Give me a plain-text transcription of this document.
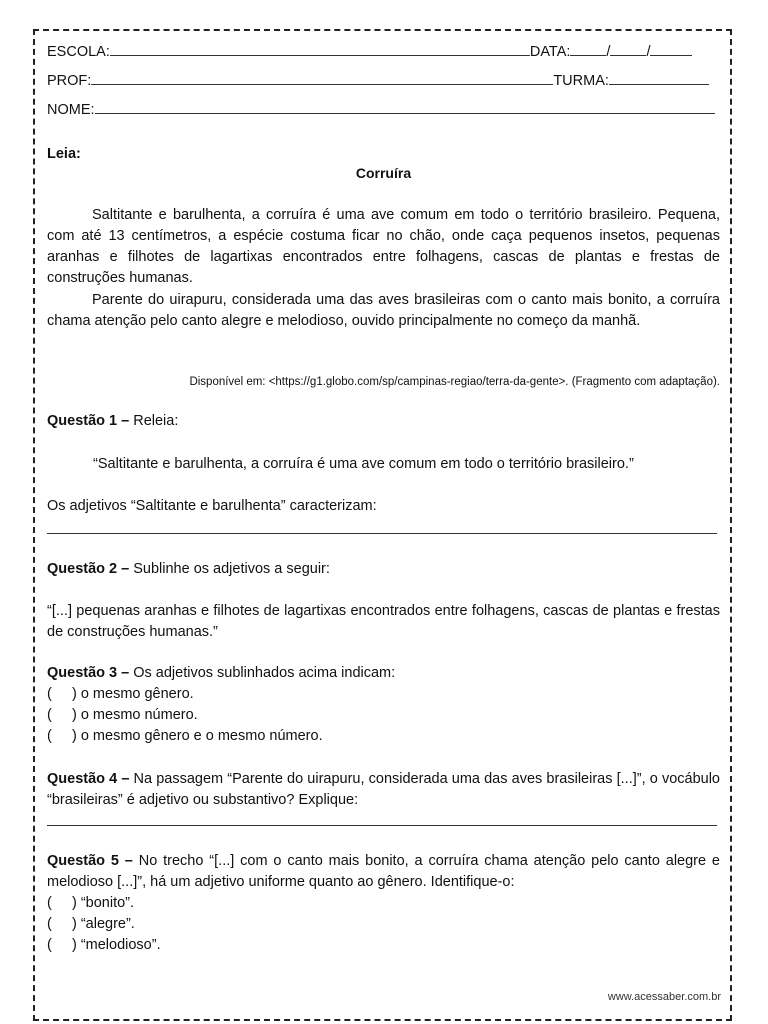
ESCOLA:	DATA: / /
PROF:	TURMA:
NOME:
Leia:
Corruíra

Saltitante e barulhenta, a corruíra é uma ave comum em todo o território brasileiro. Pequena, com até 13 centímetros, a espécie costuma ficar no chão, onde caça pequenos insetos, pequenas aranhas e filhotes de lagartixas encontrados entre folhagens, cascas de plantas e frestas de construções humanas.

Parente do uirapuru, considerada uma das aves brasileiras com o canto mais bonito, a corruíra chama atenção pelo canto alegre e melodioso, ouvido principalmente no começo da manhã.

Disponível em: <https://g1.globo.com/sp/campinas-regiao/terra-da-gente>. (Fragmento com adaptação).
Questão 1 – Releia:
“Saltitante e barulhenta, a corruíra é uma ave comum em todo o território brasileiro.”
Os adjetivos “Saltitante e barulhenta” caracterizam:
Questão 2 – Sublinhe os adjetivos a seguir:

“[...] pequenas aranhas e filhotes de lagartixas encontrados entre folhagens, cascas de plantas e frestas de construções humanas.”

Questão 3 – Os adjetivos sublinhados acima indicam:
(     ) o mesmo gênero.
(     ) o mesmo número.
(     ) o mesmo gênero e o mesmo número.

Questão 4 – Na passagem “Parente do uirapuru, considerada uma das aves brasileiras [...]”, o vocábulo “brasileiras” é adjetivo ou substantivo? Explique:

Questão 5 – No trecho “[...] com o canto mais bonito, a corruíra chama atenção pelo canto alegre e melodioso [...]”, há um adjetivo uniforme quanto ao gênero. Identifique-o:

(     ) “bonito”.
(     ) “alegre”.
(     ) “melodioso”.
www.acessaber.com.br
